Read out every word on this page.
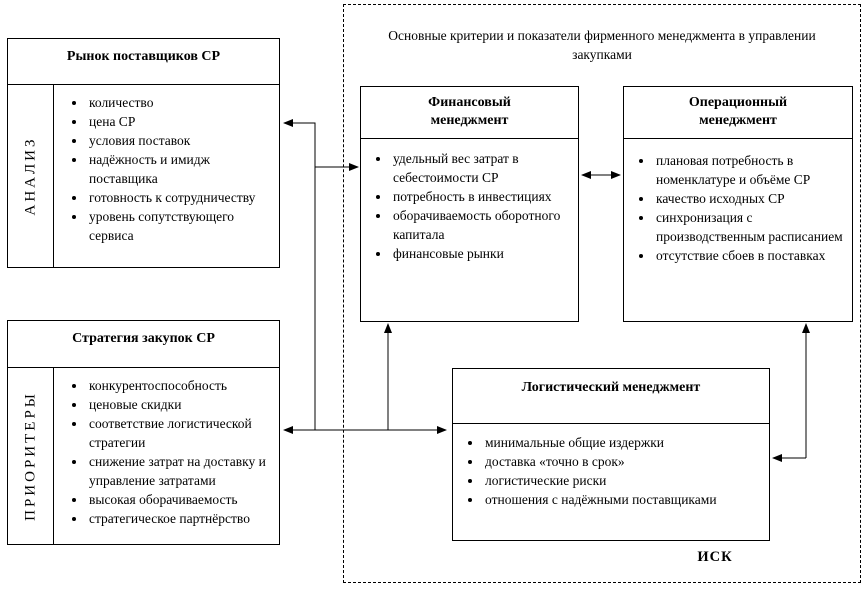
Основные критерии и показатели фирменного менеджмента в управлении закупками
Рынок поставщиков СР
АНАЛИЗ
• количество
• цена СР
• условия поставок
• надёжность и имидж поставщика
• готовность к сотрудничеству
• уровень сопутствующего сервиса
Стратегия закупок СР
ПРИОРИТЕРЫ
• конкурентоспособность
• ценовые скидки
• соответствие логистической стратегии
• снижение затрат на доставку и управление затратами
• высокая оборачиваемость
• стратегическое партнёрство
Финансовый менеджмент
• удельный вес затрат в себестоимости СР
• потребность в инвестициях
• оборачиваемость оборотного капитала
• финансовые рынки
Операционный менеджмент
• плановая потребность в номенклатуре и объёме СР
• качество исходных СР
• синхронизация с производственным расписанием
• отсутствие сбоев в поставках
Логистический менеджмент
• минимальные общие издержки
• доставка «точно в срок»
• логистические риски
• отношения с надёжными поставщиками
ИСК
